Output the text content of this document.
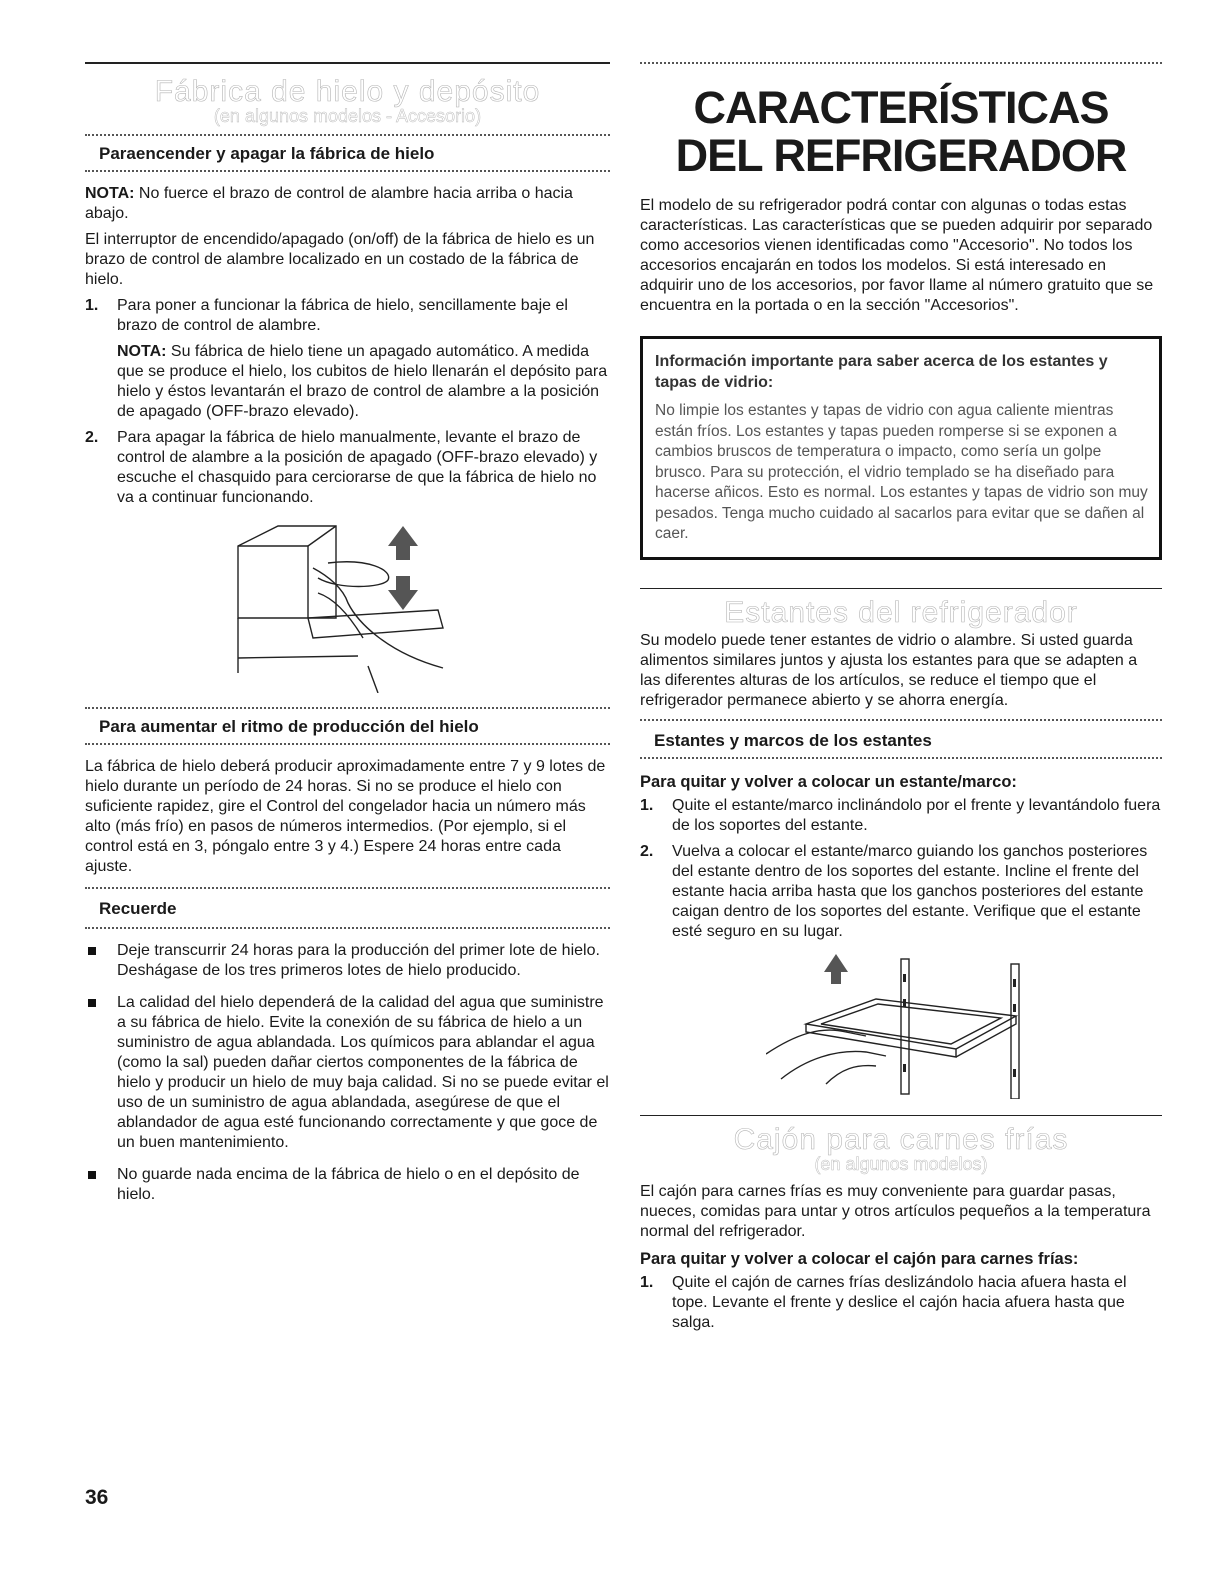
Fábrica de hielo y depósito

(en algunos modelos - Accesorio)

Paraencender y apagar la fábrica de hielo

NOTA: No fuerce el brazo de control de alambre hacia arriba o hacia abajo.

El interruptor de encendido/apagado (on/off) de la fábrica de hielo es un brazo de control de alambre localizado en un costado de la fábrica de hielo.

1. Para poner a funcionar la fábrica de hielo, sencillamente baje el brazo de control de alambre.

NOTA: Su fábrica de hielo tiene un apagado automático. A medida que se produce el hielo, los cubitos de hielo llenarán el depósito para hielo y éstos levantarán el brazo de control de alambre a la posición de apagado (OFF-brazo elevado).

2. Para apagar la fábrica de hielo manualmente, levante el brazo de control de alambre a la posición de apagado (OFF-brazo elevado) y escuche el chasquido para cerciorarse de que la fábrica de hielo no va a continuar funcionando.
Para aumentar el ritmo de producción del hielo

La fábrica de hielo deberá producir aproximadamente entre 7 y 9 lotes de hielo durante un período de 24 horas. Si no se produce el hielo con suficiente rapidez, gire el Control del congelador hacia un número más alto (más frío) en pasos de números intermedios. (Por ejemplo, si el control está en 3, póngalo entre 3 y 4.) Espere 24 horas entre cada ajuste.

Recuerde
Deje transcurrir 24 horas para la producción del primer lote de hielo. Deshágase de los tres primeros lotes de hielo producido.
La calidad del hielo dependerá de la calidad del agua que suministre a su fábrica de hielo. Evite la conexión de su fábrica de hielo a un suministro de agua ablandada. Los químicos para ablandar el agua (como la sal) pueden dañar ciertos componentes de la fábrica de hielo y producir un hielo de muy baja calidad. Si no se puede evitar el uso de un suministro de agua ablandada, asegúrese de que el ablandador de agua esté funcionando correctamente y que goce de un buen mantenimiento.
No guarde nada encima de la fábrica de hielo o en el depósito de hielo.
CARACTERÍSTICAS
DEL REFRIGERADOR

El modelo de su refrigerador podrá contar con algunas o todas estas características. Las características que se pueden adquirir por separado como accesorios vienen identificadas como "Accesorio". No todos los accesorios encajarán en todos los modelos. Si está interesado en adquirir uno de los accesorios, por favor llame al número gratuito que se encuentra en la portada o en la sección "Accesorios".

Información importante para saber acerca de los estantes y tapas de vidrio:

No limpie los estantes y tapas de vidrio con agua caliente mientras están fríos. Los estantes y tapas pueden romperse si se exponen a cambios bruscos de temperatura o impacto, como sería un golpe brusco. Para su protección, el vidrio templado se ha diseñado para hacerse añicos. Esto es normal. Los estantes y tapas de vidrio son muy pesados. Tenga mucho cuidado al sacarlos para evitar que se dañen al caer.

Estantes del refrigerador

Su modelo puede tener estantes de vidrio o alambre. Si usted guarda alimentos similares juntos y ajusta los estantes para que se adapten a las diferentes alturas de los artículos, se reduce el tiempo que el refrigerador permanece abierto y se ahorra energía.

Estantes y marcos de los estantes
Para quitar y volver a colocar un estante/marco:
1. Quite el estante/marco inclinándolo por el frente y levantándolo fuera de los soportes del estante.
2. Vuelva a colocar el estante/marco guiando los ganchos posteriores del estante dentro de los soportes del estante. Incline el frente del estante hacia arriba hasta que los ganchos posteriores del estante caigan dentro de los soportes del estante. Verifique que el estante esté seguro en su lugar.

Cajón para carnes frías

(en algunos modelos)

El cajón para carnes frías es muy conveniente para guardar pasas, nueces, comidas para untar y otros artículos pequeños a la temperatura normal del refrigerador.

Para quitar y volver a colocar el cajón para carnes frías:
1. Quite el cajón de carnes frías deslizándolo hacia afuera hasta el tope. Levante el frente y deslice el cajón hacia afuera hasta que salga.
36
